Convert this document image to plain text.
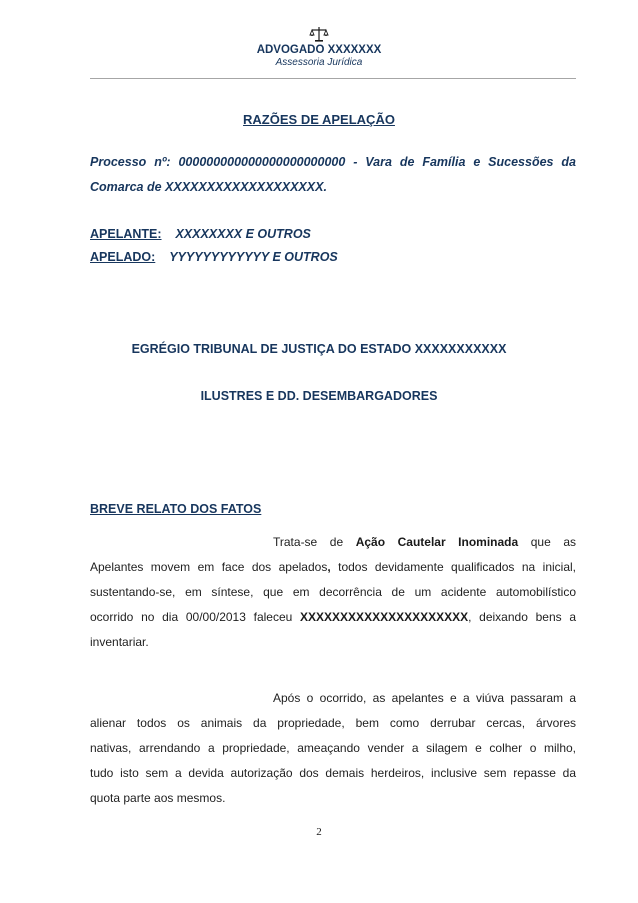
ADVOGADO XXXXXXX
Assessoria Jurídica
RAZÕES DE APELAÇÃO
Processo nº: 000000000000000000000000 - Vara de Família e Sucessões da
Comarca de XXXXXXXXXXXXXXXXXXX.
APELANTE: XXXXXXXX E OUTROS
APELADO: YYYYYYYYYYYY E OUTROS
EGRÉGIO TRIBUNAL DE JUSTIÇA DO ESTADO XXXXXXXXXXX
ILUSTRES E DD. DESEMBARGADORES
BREVE RELATO DOS FATOS
Trata-se de Ação Cautelar Inominada que as
Apelantes movem em face dos apelados, todos devidamente qualificados na inicial,
sustentando-se, em síntese, que em decorrência de um acidente automobilístico
ocorrido no dia 00/00/2013 faleceu XXXXXXXXXXXXXXXXXXXXX, deixando bens a
inventariar.
Após o ocorrido, as apelantes e a viúva passaram a
alienar todos os animais da propriedade, bem como derrubar cercas, árvores
nativas, arrendando a propriedade, ameaçando vender a silagem e colher o milho,
tudo isto sem a devida autorização dos demais herdeiros, inclusive sem repasse da
quota parte aos mesmos.
2
